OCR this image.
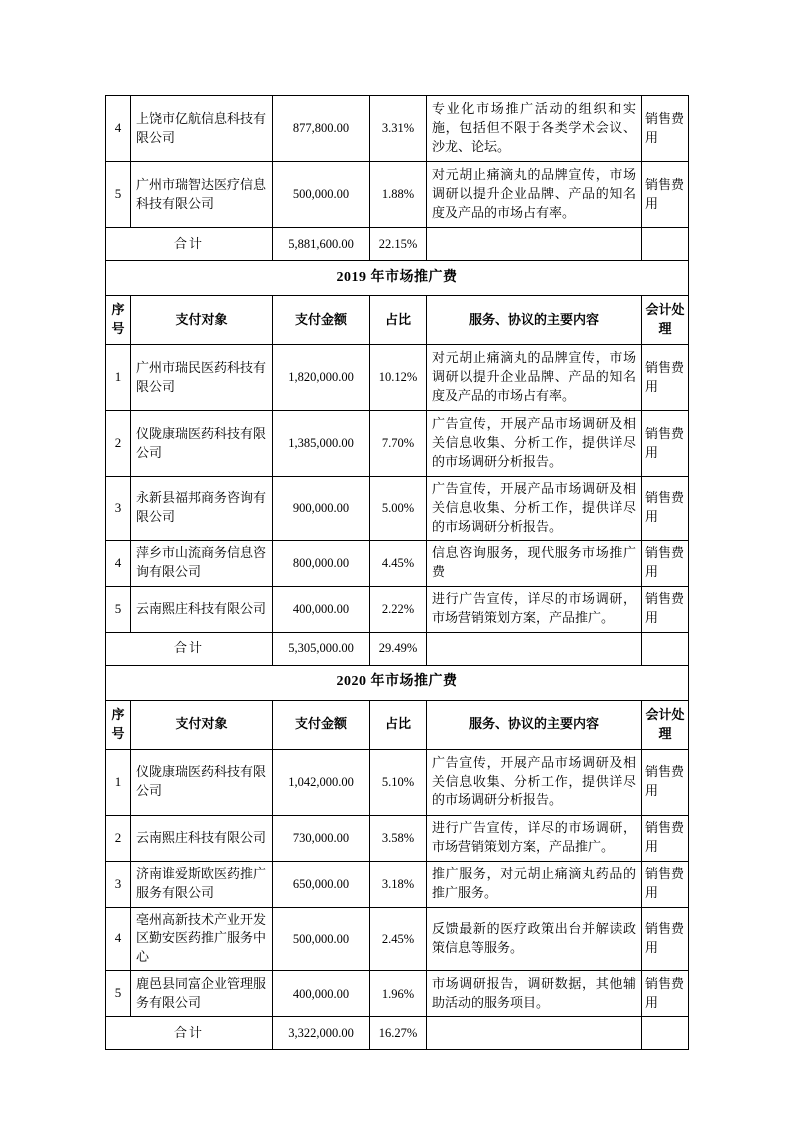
4	上饶市亿航信息科技有限公司	877,800.00	3.31%	专业化市场推广活动的组织和实施，包括但不限于各类学术会议、沙龙、论坛。	销售费用
5	广州市瑞智达医疗信息科技有限公司	500,000.00	1.88%	对元胡止痛滴丸的品牌宣传，市场调研以提升企业品牌、产品的知名度及产品的市场占有率。	销售费用
合计		5,881,600.00	22.15%		
2019 年市场推广费					
序号	支付对象	支付金额	占比	服务、协议的主要内容	会计处理
1	广州市瑞民医药科技有限公司	1,820,000.00	10.12%	对元胡止痛滴丸的品牌宣传，市场调研以提升企业品牌、产品的知名度及产品的市场占有率。	销售费用
2	仪陇康瑞医药科技有限公司	1,385,000.00	7.70%	广告宣传，开展产品市场调研及相关信息收集、分析工作，提供详尽的市场调研分析报告。	销售费用
3	永新县福邦商务咨询有限公司	900,000.00	5.00%	广告宣传，开展产品市场调研及相关信息收集、分析工作，提供详尽的市场调研分析报告。	销售费用
4	萍乡市山流商务信息咨询有限公司	800,000.00	4.45%	信息咨询服务，现代服务市场推广费	销售费用
5	云南熙庄科技有限公司	400,000.00	2.22%	进行广告宣传，详尽的市场调研，市场营销策划方案，产品推广。	销售费用
合计		5,305,000.00	29.49%		
2020 年市场推广费					
序号	支付对象	支付金额	占比	服务、协议的主要内容	会计处理
1	仪陇康瑞医药科技有限公司	1,042,000.00	5.10%	广告宣传，开展产品市场调研及相关信息收集、分析工作，提供详尽的市场调研分析报告。	销售费用
2	云南熙庄科技有限公司	730,000.00	3.58%	进行广告宣传，详尽的市场调研，市场营销策划方案，产品推广。	销售费用
3	济南谁爱斯欧医药推广服务有限公司	650,000.00	3.18%	推广服务，对元胡止痛滴丸药品的推广服务。	销售费用
4	亳州高新技术产业开发区勤安医药推广服务中心	500,000.00	2.45%	反馈最新的医疗政策出台并解读政策信息等服务。	销售费用
5	鹿邑县同富企业管理服务有限公司	400,000.00	1.96%	市场调研报告，调研数据，其他辅助活动的服务项目。	销售费用
合计		3,322,000.00	16.27%		
